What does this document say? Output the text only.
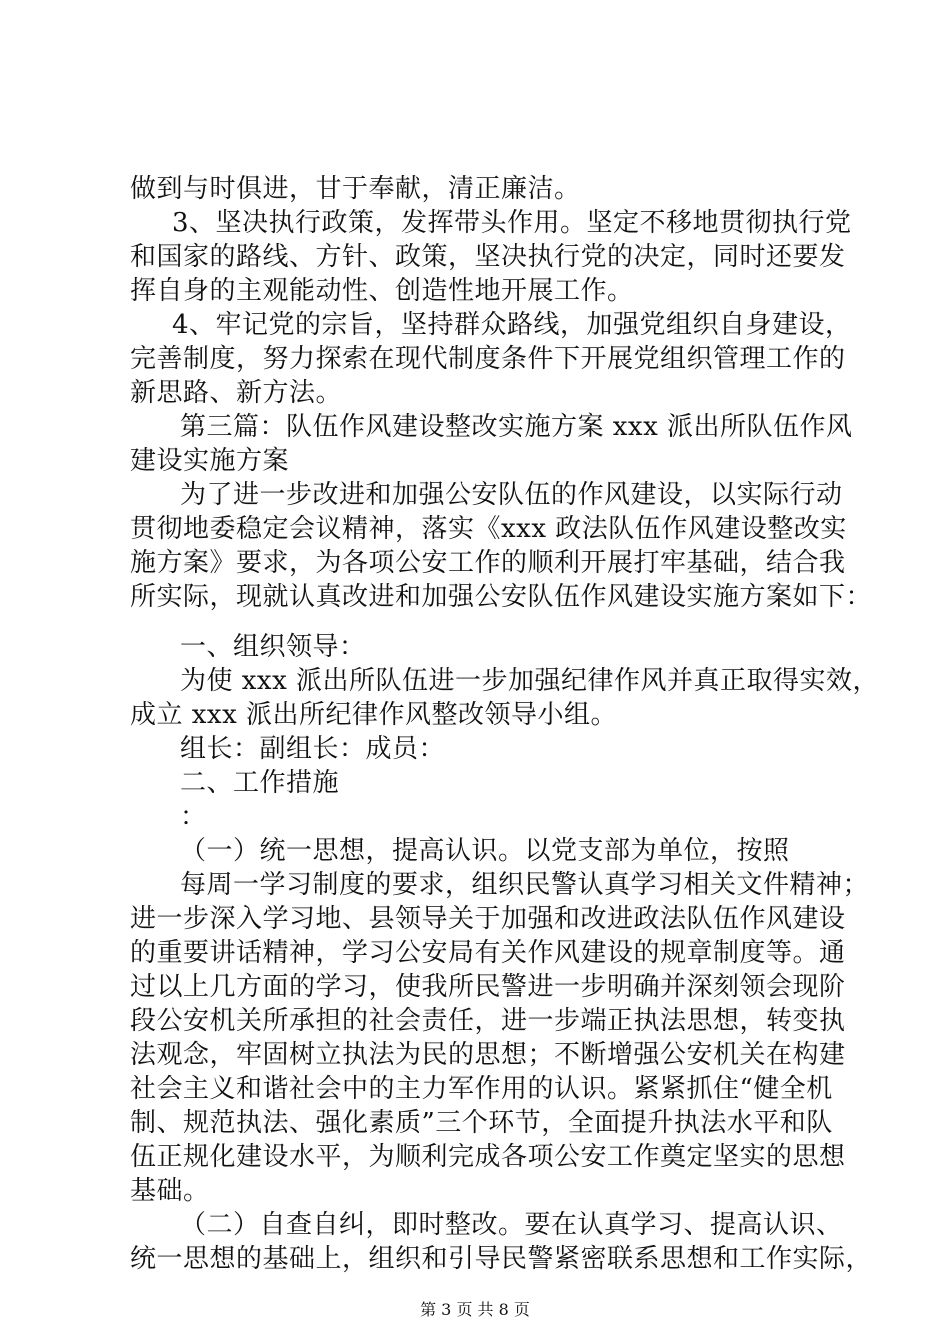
做到与时俱进，甘于奉献，清正廉洁。
3、坚决执行政策，发挥带头作用。坚定不移地贯彻执行党
和国家的路线、方针、政策，坚决执行党的决定，同时还要发
挥自身的主观能动性、创造性地开展工作。
4、牢记党的宗旨，坚持群众路线，加强党组织自身建设，
完善制度，努力探索在现代制度条件下开展党组织管理工作的
新思路、新方法。
第三篇：队伍作风建设整改实施方案 xxx 派出所队伍作风
建设实施方案
为了进一步改进和加强公安队伍的作风建设，以实际行动
贯彻地委稳定会议精神，落实《xxx 政法队伍作风建设整改实
施方案》要求，为各项公安工作的顺利开展打牢基础，结合我
所实际，现就认真改进和加强公安队伍作风建设实施方案如下：
一、组织领导：
为使 xxx 派出所队伍进一步加强纪律作风并真正取得实效，
成立 xxx 派出所纪律作风整改领导小组。
组长：副组长：成员：
二、工作措施
：
（一）统一思想，提高认识。以党支部为单位，按照
每周一学习制度的要求，组织民警认真学习相关文件精神；
进一步深入学习地、县领导关于加强和改进政法队伍作风建设
的重要讲话精神，学习公安局有关作风建设的规章制度等。通
过以上几方面的学习，使我所民警进一步明确并深刻领会现阶
段公安机关所承担的社会责任，进一步端正执法思想，转变执
法观念，牢固树立执法为民的思想；不断增强公安机关在构建
社会主义和谐社会中的主力军作用的认识。紧紧抓住“健全机
制、规范执法、强化素质”三个环节，全面提升执法水平和队
伍正规化建设水平，为顺利完成各项公安工作奠定坚实的思想
基础。
（二）自查自纠，即时整改。要在认真学习、提高认识、
统一思想的基础上，组织和引导民警紧密联系思想和工作实际，
第 3 页 共 8 页
